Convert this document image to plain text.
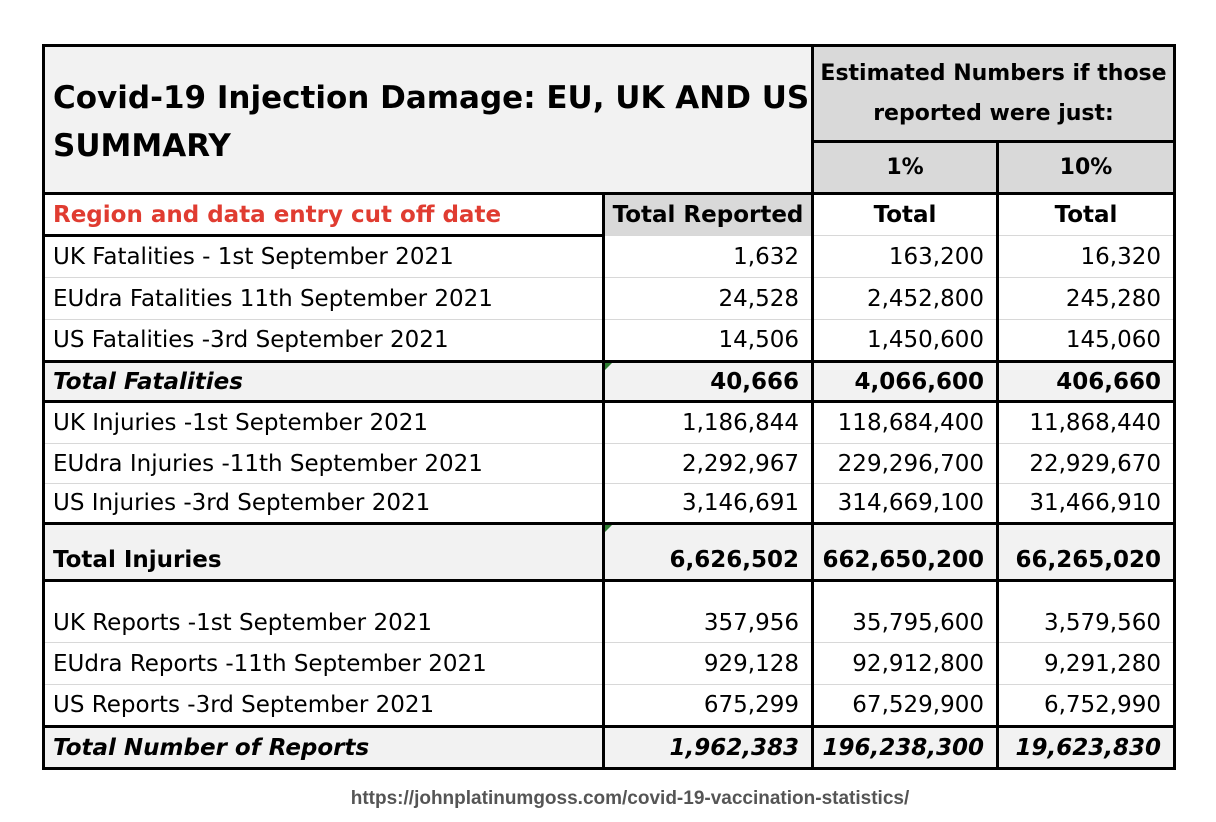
Covid-19 Injection Damage: EU, UK AND US
SUMMARY		Estimated Numbers if those reported were just:	
		1%	10%
Region and data entry cut off date	Total Reported	Total	Total
UK Fatalities - 1st September 2021	1,632	163,200	16,320
EUdra Fatalities 11th September 2021	24,528	2,452,800	245,280
US Fatalities -3rd September 2021	14,506	1,450,600	145,060
Total Fatalities	40,666	4,066,600	406,660
UK Injuries -1st September 2021	1,186,844	118,684,400	11,868,440
EUdra Injuries -11th September 2021	2,292,967	229,296,700	22,929,670
US Injuries -3rd September 2021	3,146,691	314,669,100	31,466,910
Total Injuries	6,626,502	662,650,200	66,265,020
UK Reports -1st September 2021	357,956	35,795,600	3,579,560
EUdra Reports -11th September 2021	929,128	92,912,800	9,291,280
US Reports -3rd September 2021	675,299	67,529,900	6,752,990
Total Number of Reports	1,962,383	196,238,300	19,623,830
https://johnplatinumgoss.com/covid-19-vaccination-statistics/
